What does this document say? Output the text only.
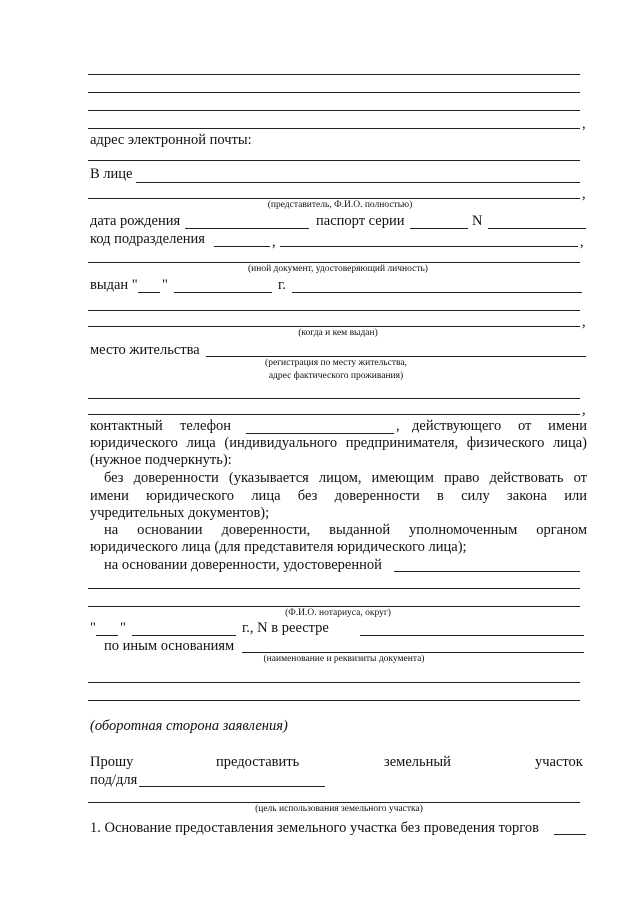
,
адрес электронной почты:
В лице
,
(представитель, Ф.И.О. полностью)
дата рождения	паспорт серии	N
код подразделения	,	,
(иной документ, удостоверяющий личность)
выдан " "	г.
,
(когда и кем выдан)
место жительства
(регистрация по месту жительства,
адрес фактического проживания)
,
контактный телефон	, действующего от имени
юридического лица (индивидуального предпринимателя, физического лица)
(нужное подчеркнуть):
без доверенности (указывается лицом, имеющим право действовать от
имени юридического лица без доверенности в силу закона или
учредительных документов);
на основании доверенности, выданной уполномоченным органом
юридического лица (для представителя юридического лица);
на основании доверенности, удостоверенной
(Ф.И.О. нотариуса, округ)
" "	г., N в реестре
по иным основаниям
(наименование и реквизиты документа)
(оборотная сторона заявления)
Прошу	предоставить	земельный	участок
под/для
(цель использования земельного участка)
1. Основание предоставления земельного участка без проведения торгов
